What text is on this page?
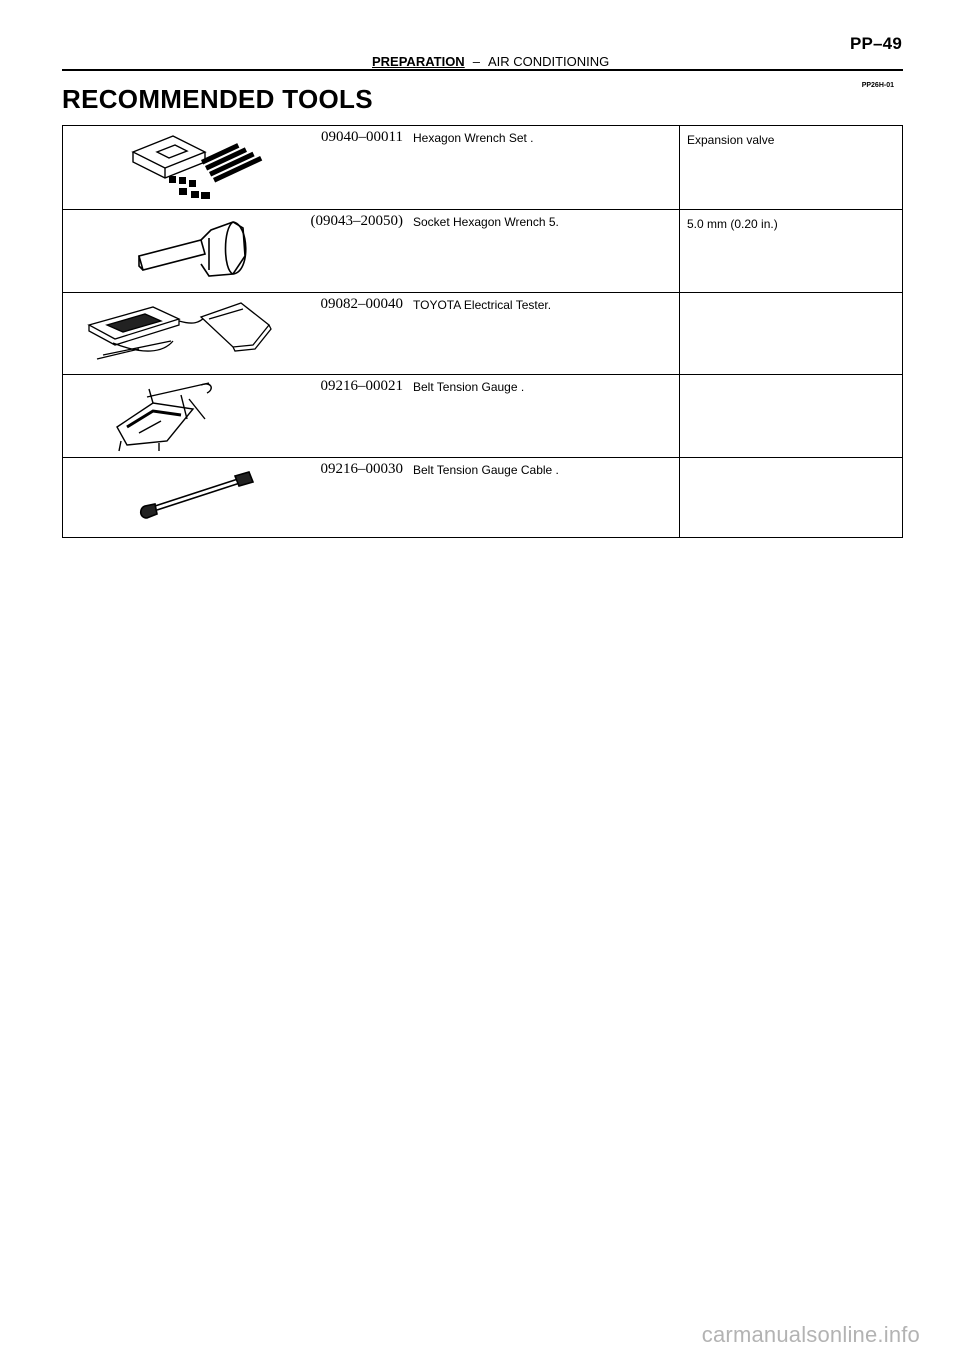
PP–49
PREPARATION – AIR CONDITIONING
PP26H-01
RECOMMENDED TOOLS
09040–00011 Hexagon Wrench Set .	Expansion valve
(09043–20050) Socket Hexagon Wrench 5.	5.0 mm (0.20 in.)
09082–00040 TOYOTA Electrical Tester.
09216–00021 Belt Tension Gauge .
09216–00030 Belt Tension Gauge Cable .
carmanualsonline.info
